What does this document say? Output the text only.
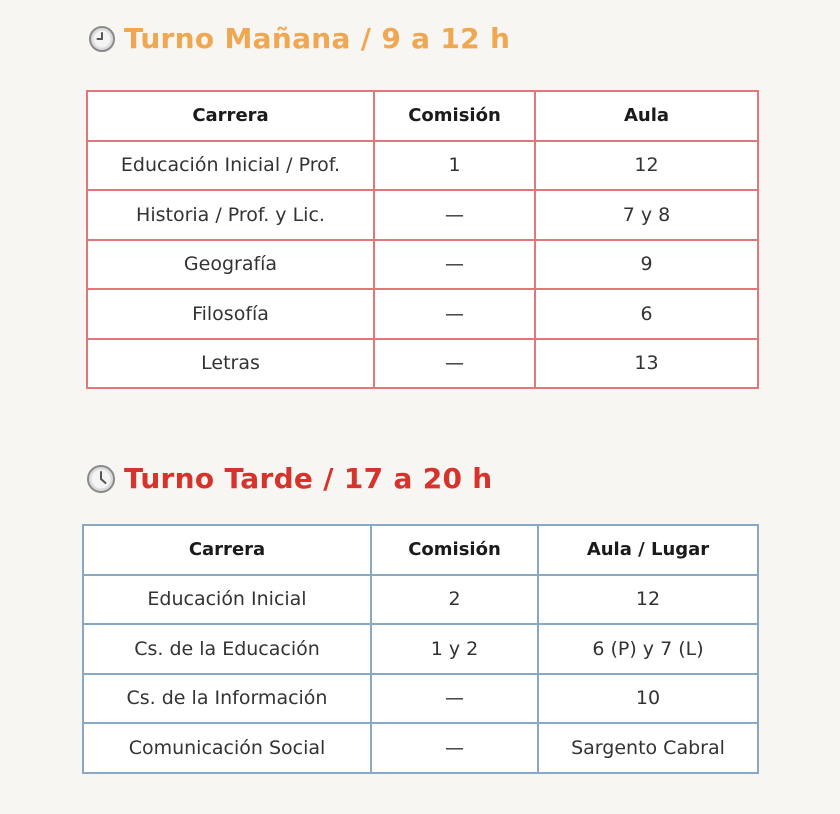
Turno Mañana / 9 a 12 h
Carrera	Comisión	Aula
Educación Inicial / Prof.	1	12
Historia / Prof. y Lic.	—	7 y 8
Geografía	—	9
Filosofía	—	6
Letras	—	13
Turno Tarde / 17 a 20 h
Carrera	Comisión	Aula / Lugar
Educación Inicial	2	12
Cs. de la Educación	1 y 2	6 (P) y 7 (L)
Cs. de la Información	—	10
Comunicación Social	—	Sargento Cabral
